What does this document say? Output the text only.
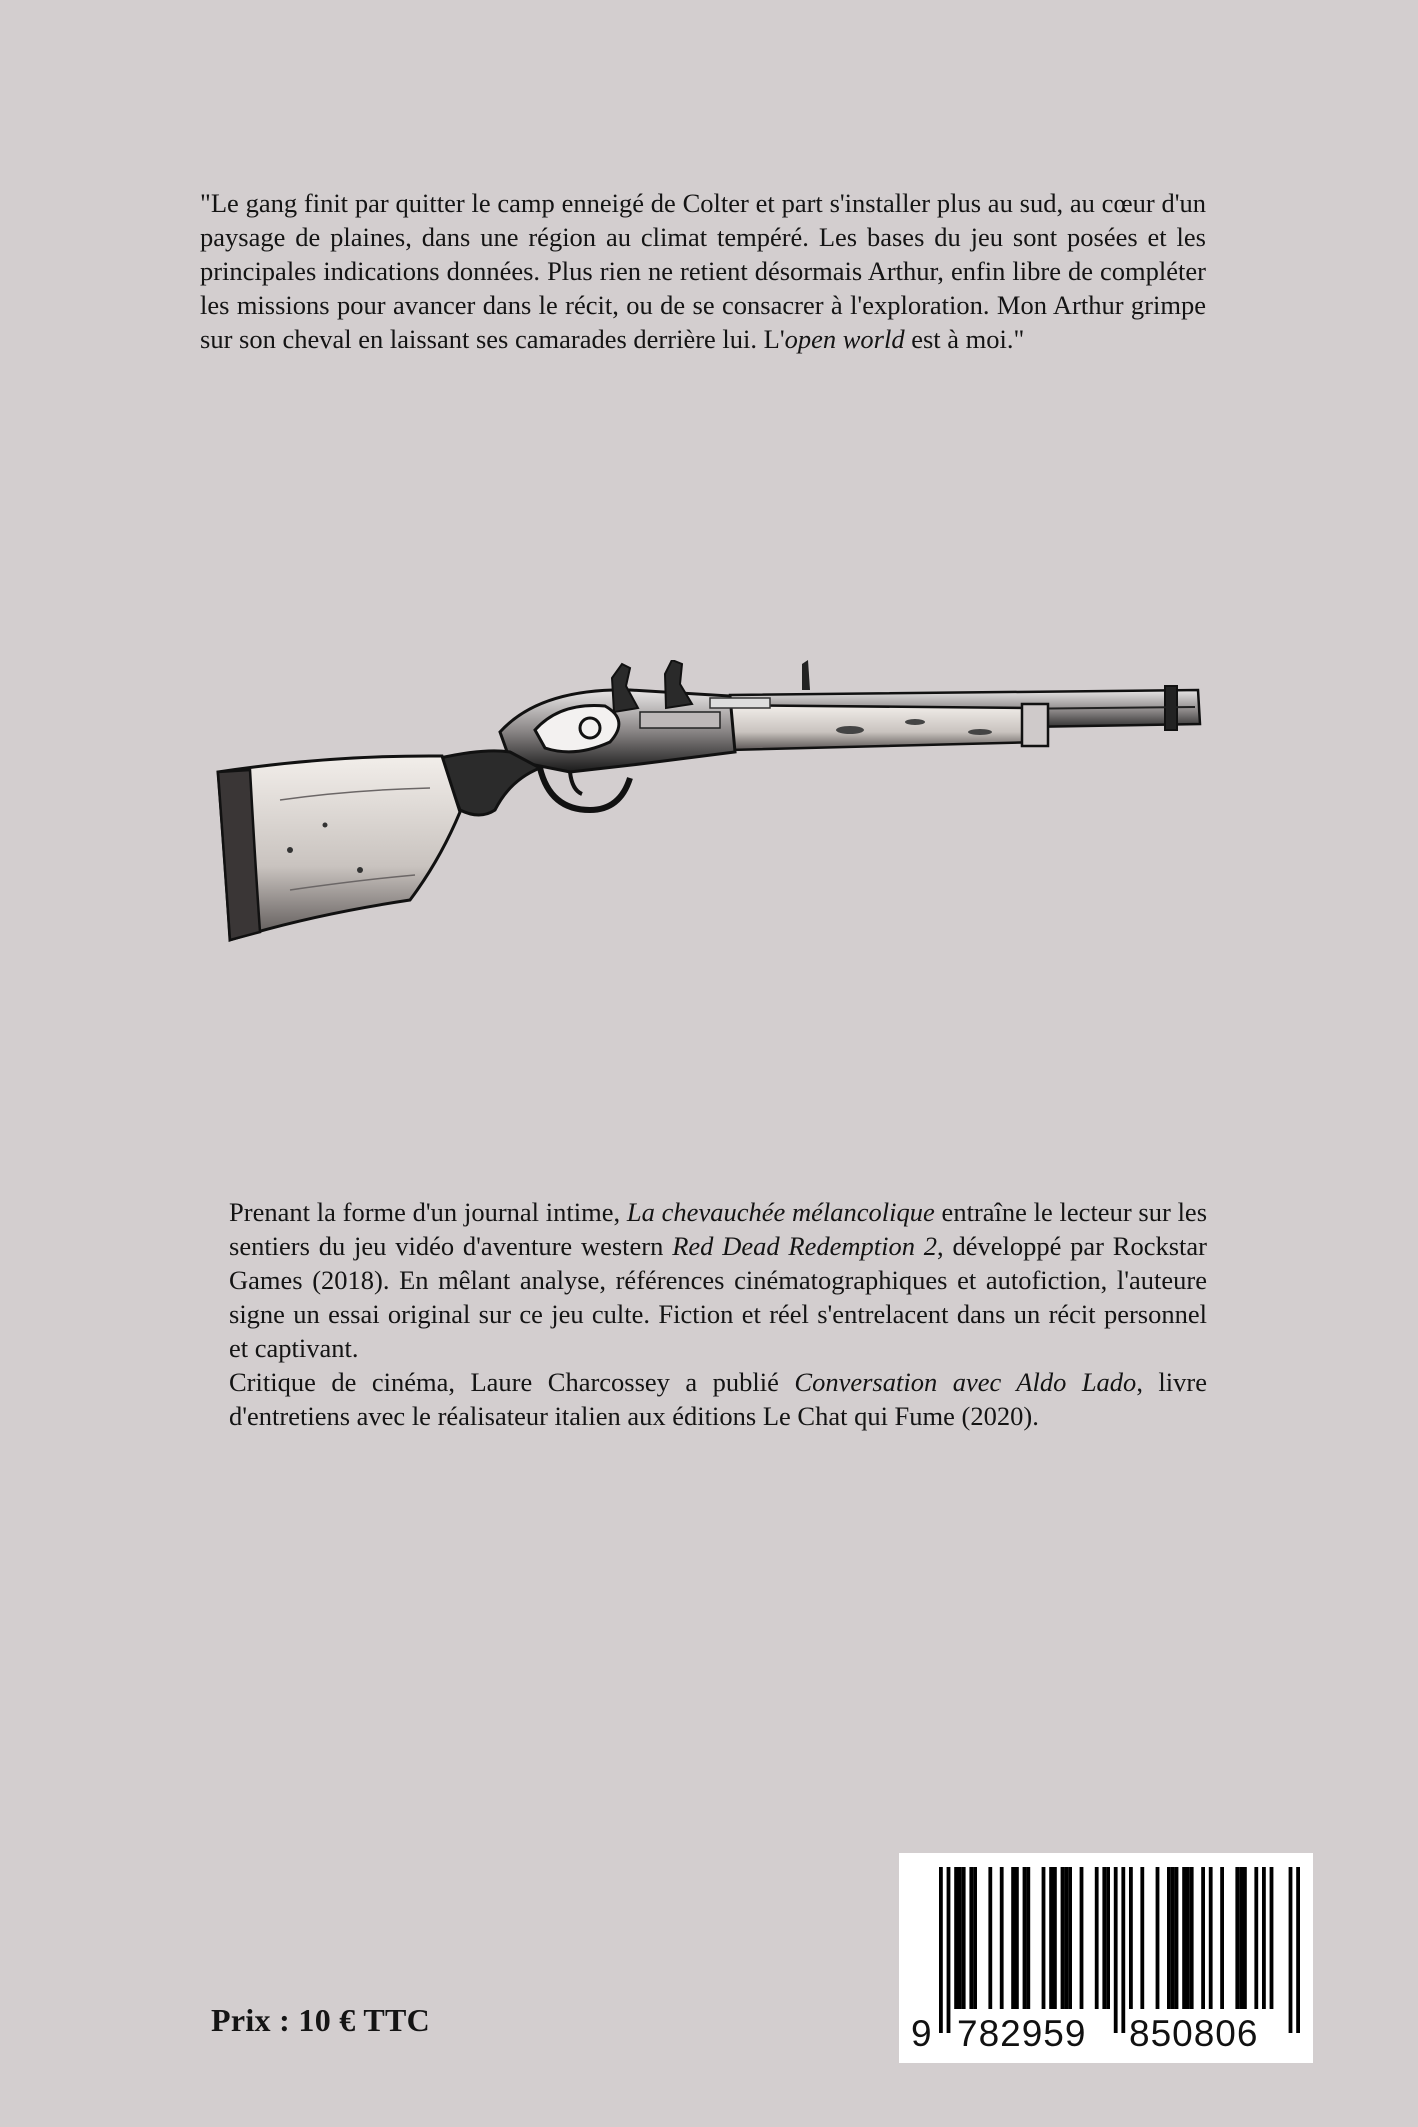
"Le gang finit par quitter le camp enneigé de Colter et part s'installer plus au sud, au cœur d'un paysage de plaines, dans une région au climat tempéré. Les bases du jeu sont posées et les principales indications données. Plus rien ne retient désormais Arthur, enfin libre de compléter les missions pour avancer dans le récit, ou de se consacrer à l'exploration. Mon Arthur grimpe sur son cheval en laissant ses camarades derrière lui. L'open world est à moi."

Prenant la forme d'un journal intime, La chevauchée mélancolique entraîne le lecteur sur les sentiers du jeu vidéo d'aventure western Red Dead Redemption 2, développé par Rockstar Games (2018). En mêlant analyse, références cinématographiques et autofiction, l'auteure signe un essai original sur ce jeu culte. Fiction et réel s'entrelacent dans un récit personnel et captivant.

Critique de cinéma, Laure Charcossey a publié Conversation avec Aldo Lado, livre d'entretiens avec le réalisateur italien aux éditions Le Chat qui Fume (2020).

Prix : 10 € TTC	9 782959 850806
